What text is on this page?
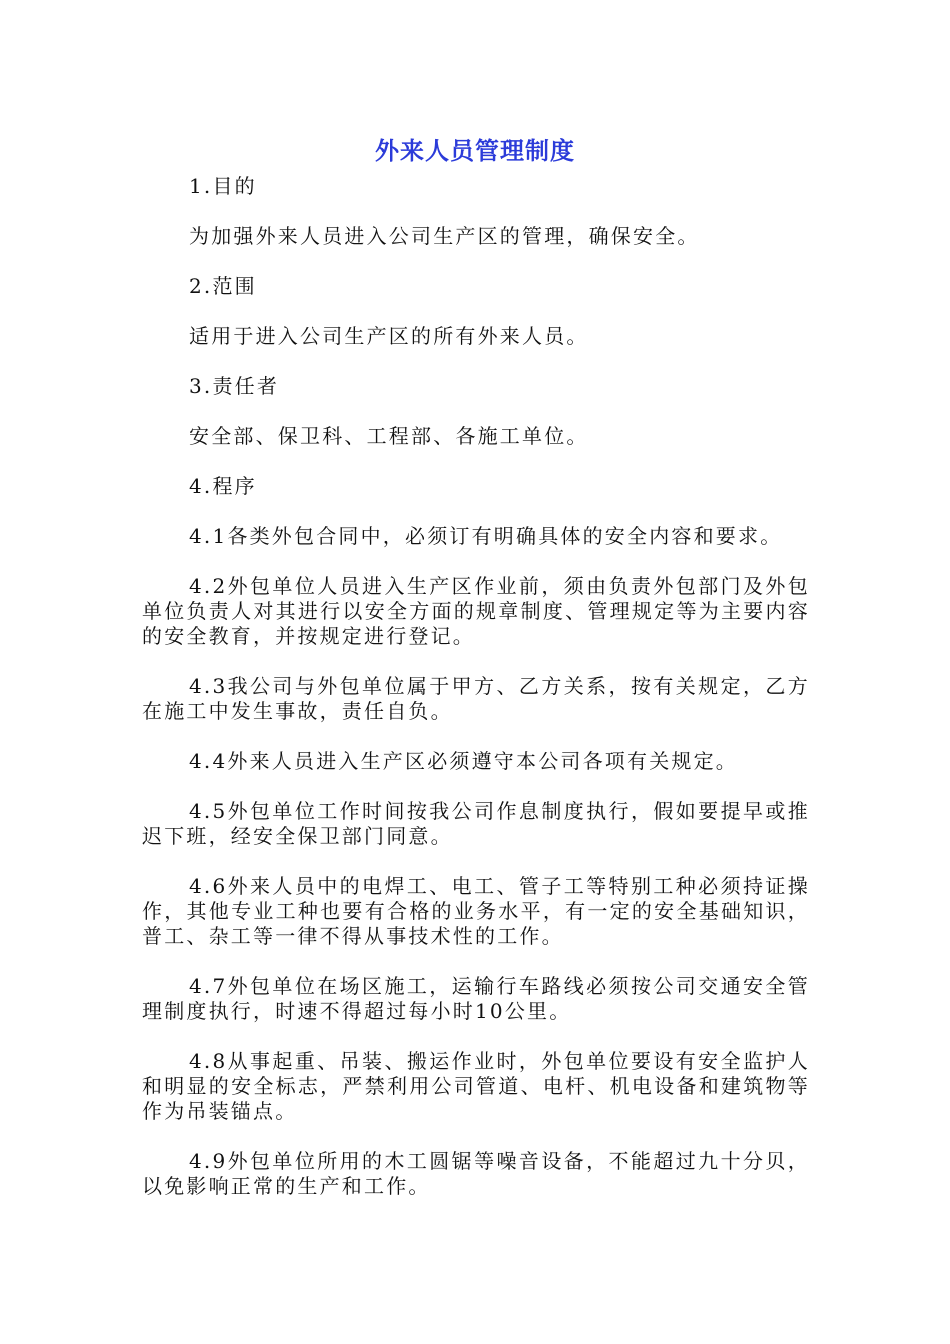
外来人员管理制度

1.目的

为加强外来人员进入公司生产区的管理，确保安全。

2.范围

适用于进入公司生产区的所有外来人员。

3.责任者

安全部、保卫科、工程部、各施工单位。

4.程序

4.1各类外包合同中，必须订有明确具体的安全内容和要求。

4.2外包单位人员进入生产区作业前，须由负责外包部门及外包单位负责人对其进行以安全方面的规章制度、管理规定等为主要内容的安全教育，并按规定进行登记。

4.3我公司与外包单位属于甲方、乙方关系，按有关规定，乙方在施工中发生事故，责任自负。

4.4外来人员进入生产区必须遵守本公司各项有关规定。

4.5外包单位工作时间按我公司作息制度执行，假如要提早或推迟下班，经安全保卫部门同意。

4.6外来人员中的电焊工、电工、管子工等特别工种必须持证操作，其他专业工种也要有合格的业务水平，有一定的安全基础知识，普工、杂工等一律不得从事技术性的工作。

4.7外包单位在场区施工，运输行车路线必须按公司交通安全管理制度执行，时速不得超过每小时10公里。

4.8从事起重、吊装、搬运作业时，外包单位要设有安全监护人和明显的安全标志，严禁利用公司管道、电杆、机电设备和建筑物等作为吊装锚点。

4.9外包单位所用的木工圆锯等噪音设备，不能超过九十分贝，以免影响正常的生产和工作。
